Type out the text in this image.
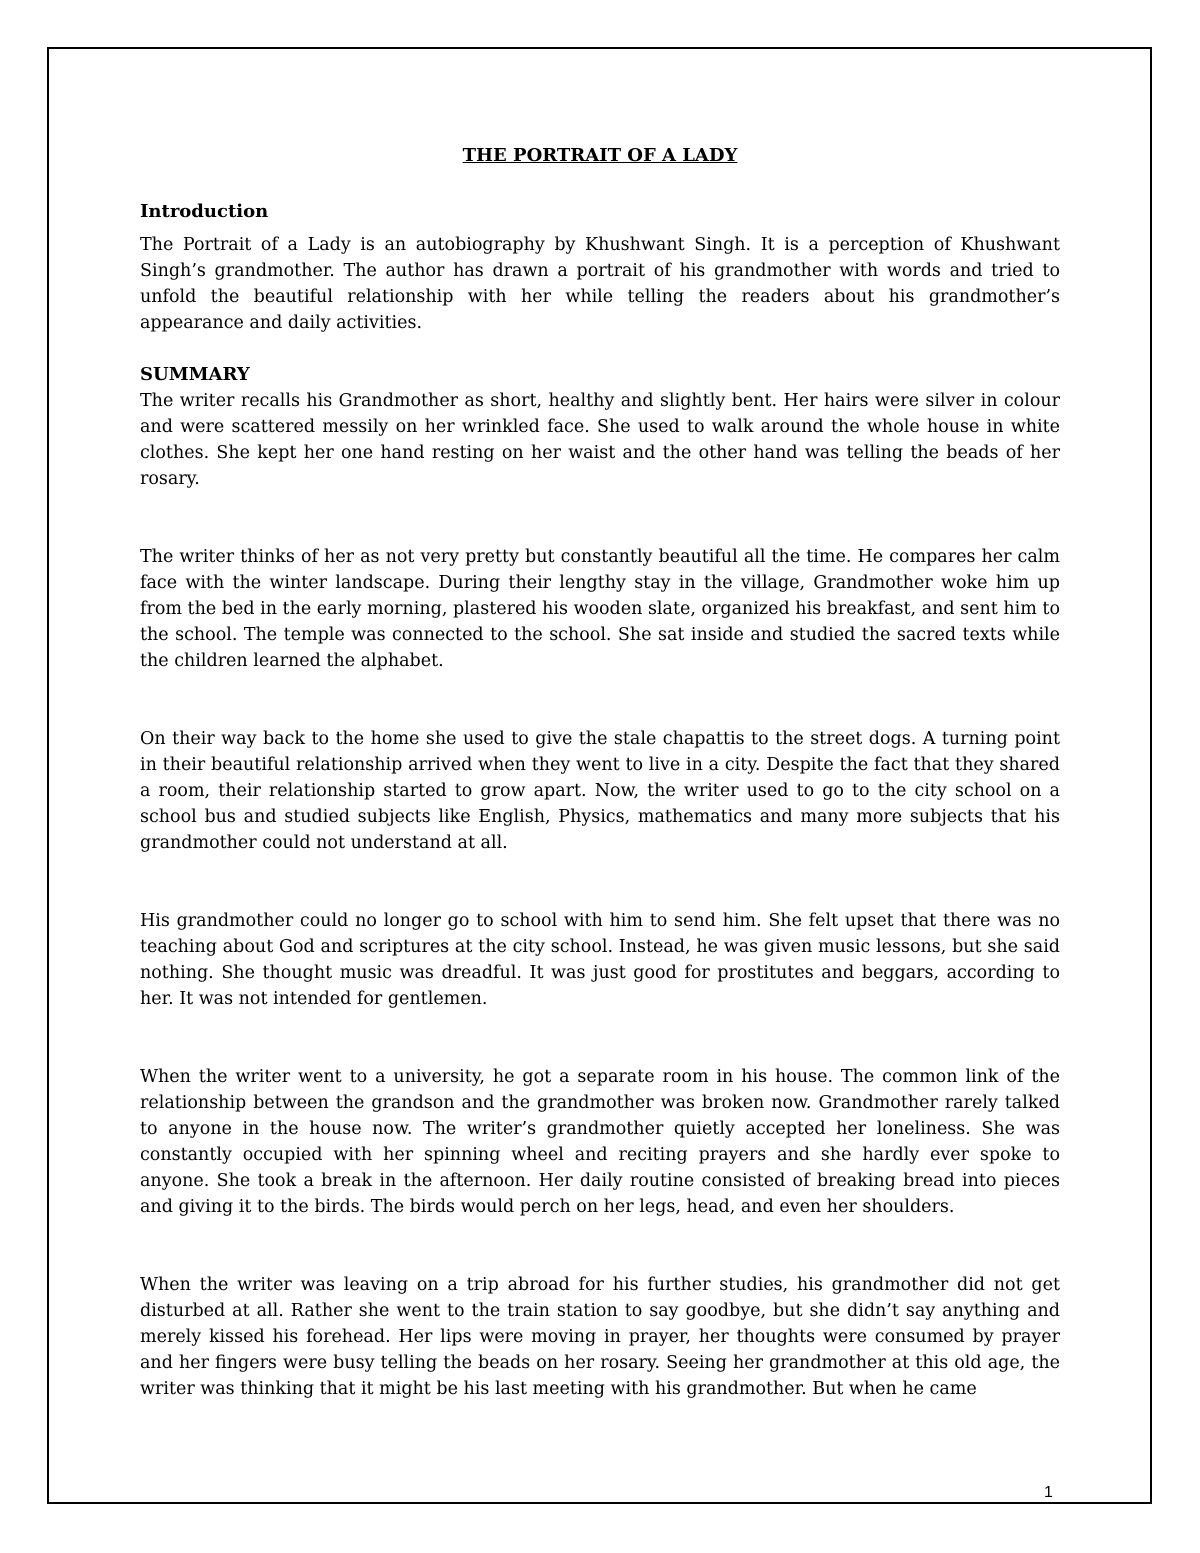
THE PORTRAIT OF A LADY

Introduction

The Portrait of a Lady is an autobiography by Khushwant Singh. It is a perception of Khushwant Singh’s grandmother. The author has drawn a portrait of his grandmother with words and tried to unfold the beautiful relationship with her while telling the readers about his grandmother’s appearance and daily activities.

SUMMARY

The writer recalls his Grandmother as short, healthy and slightly bent. Her hairs were silver in colour and were scattered messily on her wrinkled face. She used to walk around the whole house in white clothes. She kept her one hand resting on her waist and the other hand was telling the beads of her rosary.

The writer thinks of her as not very pretty but constantly beautiful all the time. He compares her calm face with the winter landscape. During their lengthy stay in the village, Grandmother woke him up from the bed in the early morning, plastered his wooden slate, organized his breakfast, and sent him to the school. The temple was connected to the school. She sat inside and studied the sacred texts while the children learned the alphabet.

On their way back to the home she used to give the stale chapattis to the street dogs. A turning point in their beautiful relationship arrived when they went to live in a city. Despite the fact that they shared a room, their relationship started to grow apart. Now, the writer used to go to the city school on a school bus and studied subjects like English, Physics, mathematics and many more subjects that his grandmother could not understand at all.

His grandmother could no longer go to school with him to send him. She felt upset that there was no teaching about God and scriptures at the city school. Instead, he was given music lessons, but she said nothing. She thought music was dreadful. It was just good for prostitutes and beggars, according to her. It was not intended for gentlemen.

When the writer went to a university, he got a separate room in his house. The common link of the relationship between the grandson and the grandmother was broken now. Grandmother rarely talked to anyone in the house now. The writer’s grandmother quietly accepted her loneliness. She was constantly occupied with her spinning wheel and reciting prayers and she hardly ever spoke to anyone. She took a break in the afternoon. Her daily routine consisted of breaking bread into pieces and giving it to the birds. The birds would perch on her legs, head, and even her shoulders.

When the writer was leaving on a trip abroad for his further studies, his grandmother did not get disturbed at all. Rather she went to the train station to say goodbye, but she didn’t say anything and merely kissed his forehead. Her lips were moving in prayer, her thoughts were consumed by prayer and her fingers were busy telling the beads on her rosary. Seeing her grandmother at this old age, the writer was thinking that it might be his last meeting with his grandmother. But when he came

1
